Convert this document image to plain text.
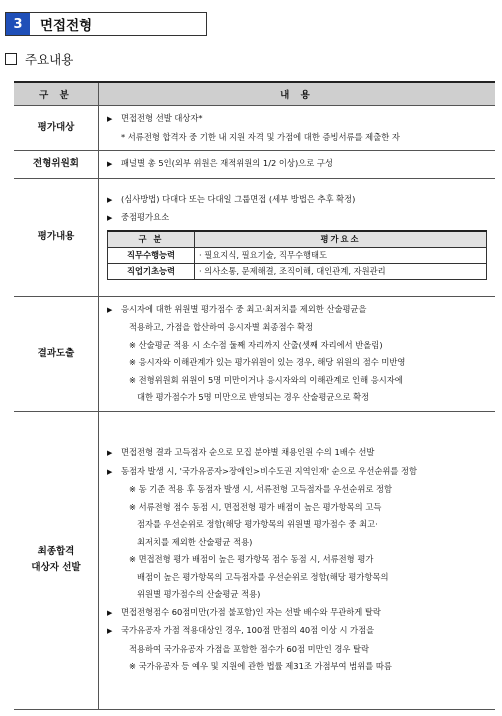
3	면접전형
주요내용
구 분	내 용
평가대상	
▶ 면접전형 선발 대상자*
* 서류전형 합격자 중 기한 내 지원 자격 및 가점에 대한 증빙서류를 제출한 자

전형위원회	▶ 패널별 총 5인(외부 위원은 재적위원의 1/2 이상)으로 구성

평가내용	
▶ (심사방법) 다대다 또는 다대일 그룹면접 (세부 방법은 추후 확정)
▶ 중점평가요소
구 분	평가요소
직무수행능력	· 필요지식, 필요기술, 직무수행태도
직업기초능력	· 의사소통, 문제해결, 조직이해, 대인관계, 자원관리

결과도출	
▶ 응시자에 대한 위원별 평가점수 중 최고·최저치를 제외한 산술평균을
적용하고, 가점을 합산하여 응시자별 최종점수 확정
※ 산술평균 적용 시 소수점 둘째 자리까지 산출(셋째 자리에서 반올림)
※ 응시자와 이해관계가 있는 평가위원이 있는 경우, 해당 위원의 점수 미반영
※ 전형위원회 위원이 5명 미만이거나 응시자와의 이해관계로 인해 응시자에
대한 평가점수가 5명 미만으로 반영되는 경우 산술평균으로 확정

최종합격
대상자 선발	
▶ 면접전형 결과 고득점자 순으로 모집 분야별 채용인원 수의 1배수 선발
▶ 동점자 발생 시, '국가유공자>장애인>비수도권 지역인재' 순으로 우선순위를 정함
※ 동 기준 적용 후 동점자 발생 시, 서류전형 고득점자를 우선순위로 정함
※ 서류전형 점수 동점 시, 면접전형 평가 배점이 높은 평가항목의 고득
점자를 우선순위로 정함(해당 평가항목의 위원별 평가점수 중 최고·
최저치를 제외한 산술평균 적용)
※ 면접전형 평가 배점이 높은 평가항목 점수 동점 시, 서류전형 평가
배점이 높은 평가항목의 고득점자를 우선순위로 정함(해당 평가항목의
위원별 평가점수의 산술평균 적용)
▶ 면접전형점수 60점미만(가점 불포함)인 자는 선발 배수와 무관하게 탈락
▶ 국가유공자 가점 적용대상인 경우, 100점 만점의 40점 이상 시 가점을
적용하여 국가유공자 가점을 포함한 점수가 60점 미만인 경우 탈락
※ 국가유공자 등 예우 및 지원에 관한 법률 제31조 가점부여 범위를 따름
